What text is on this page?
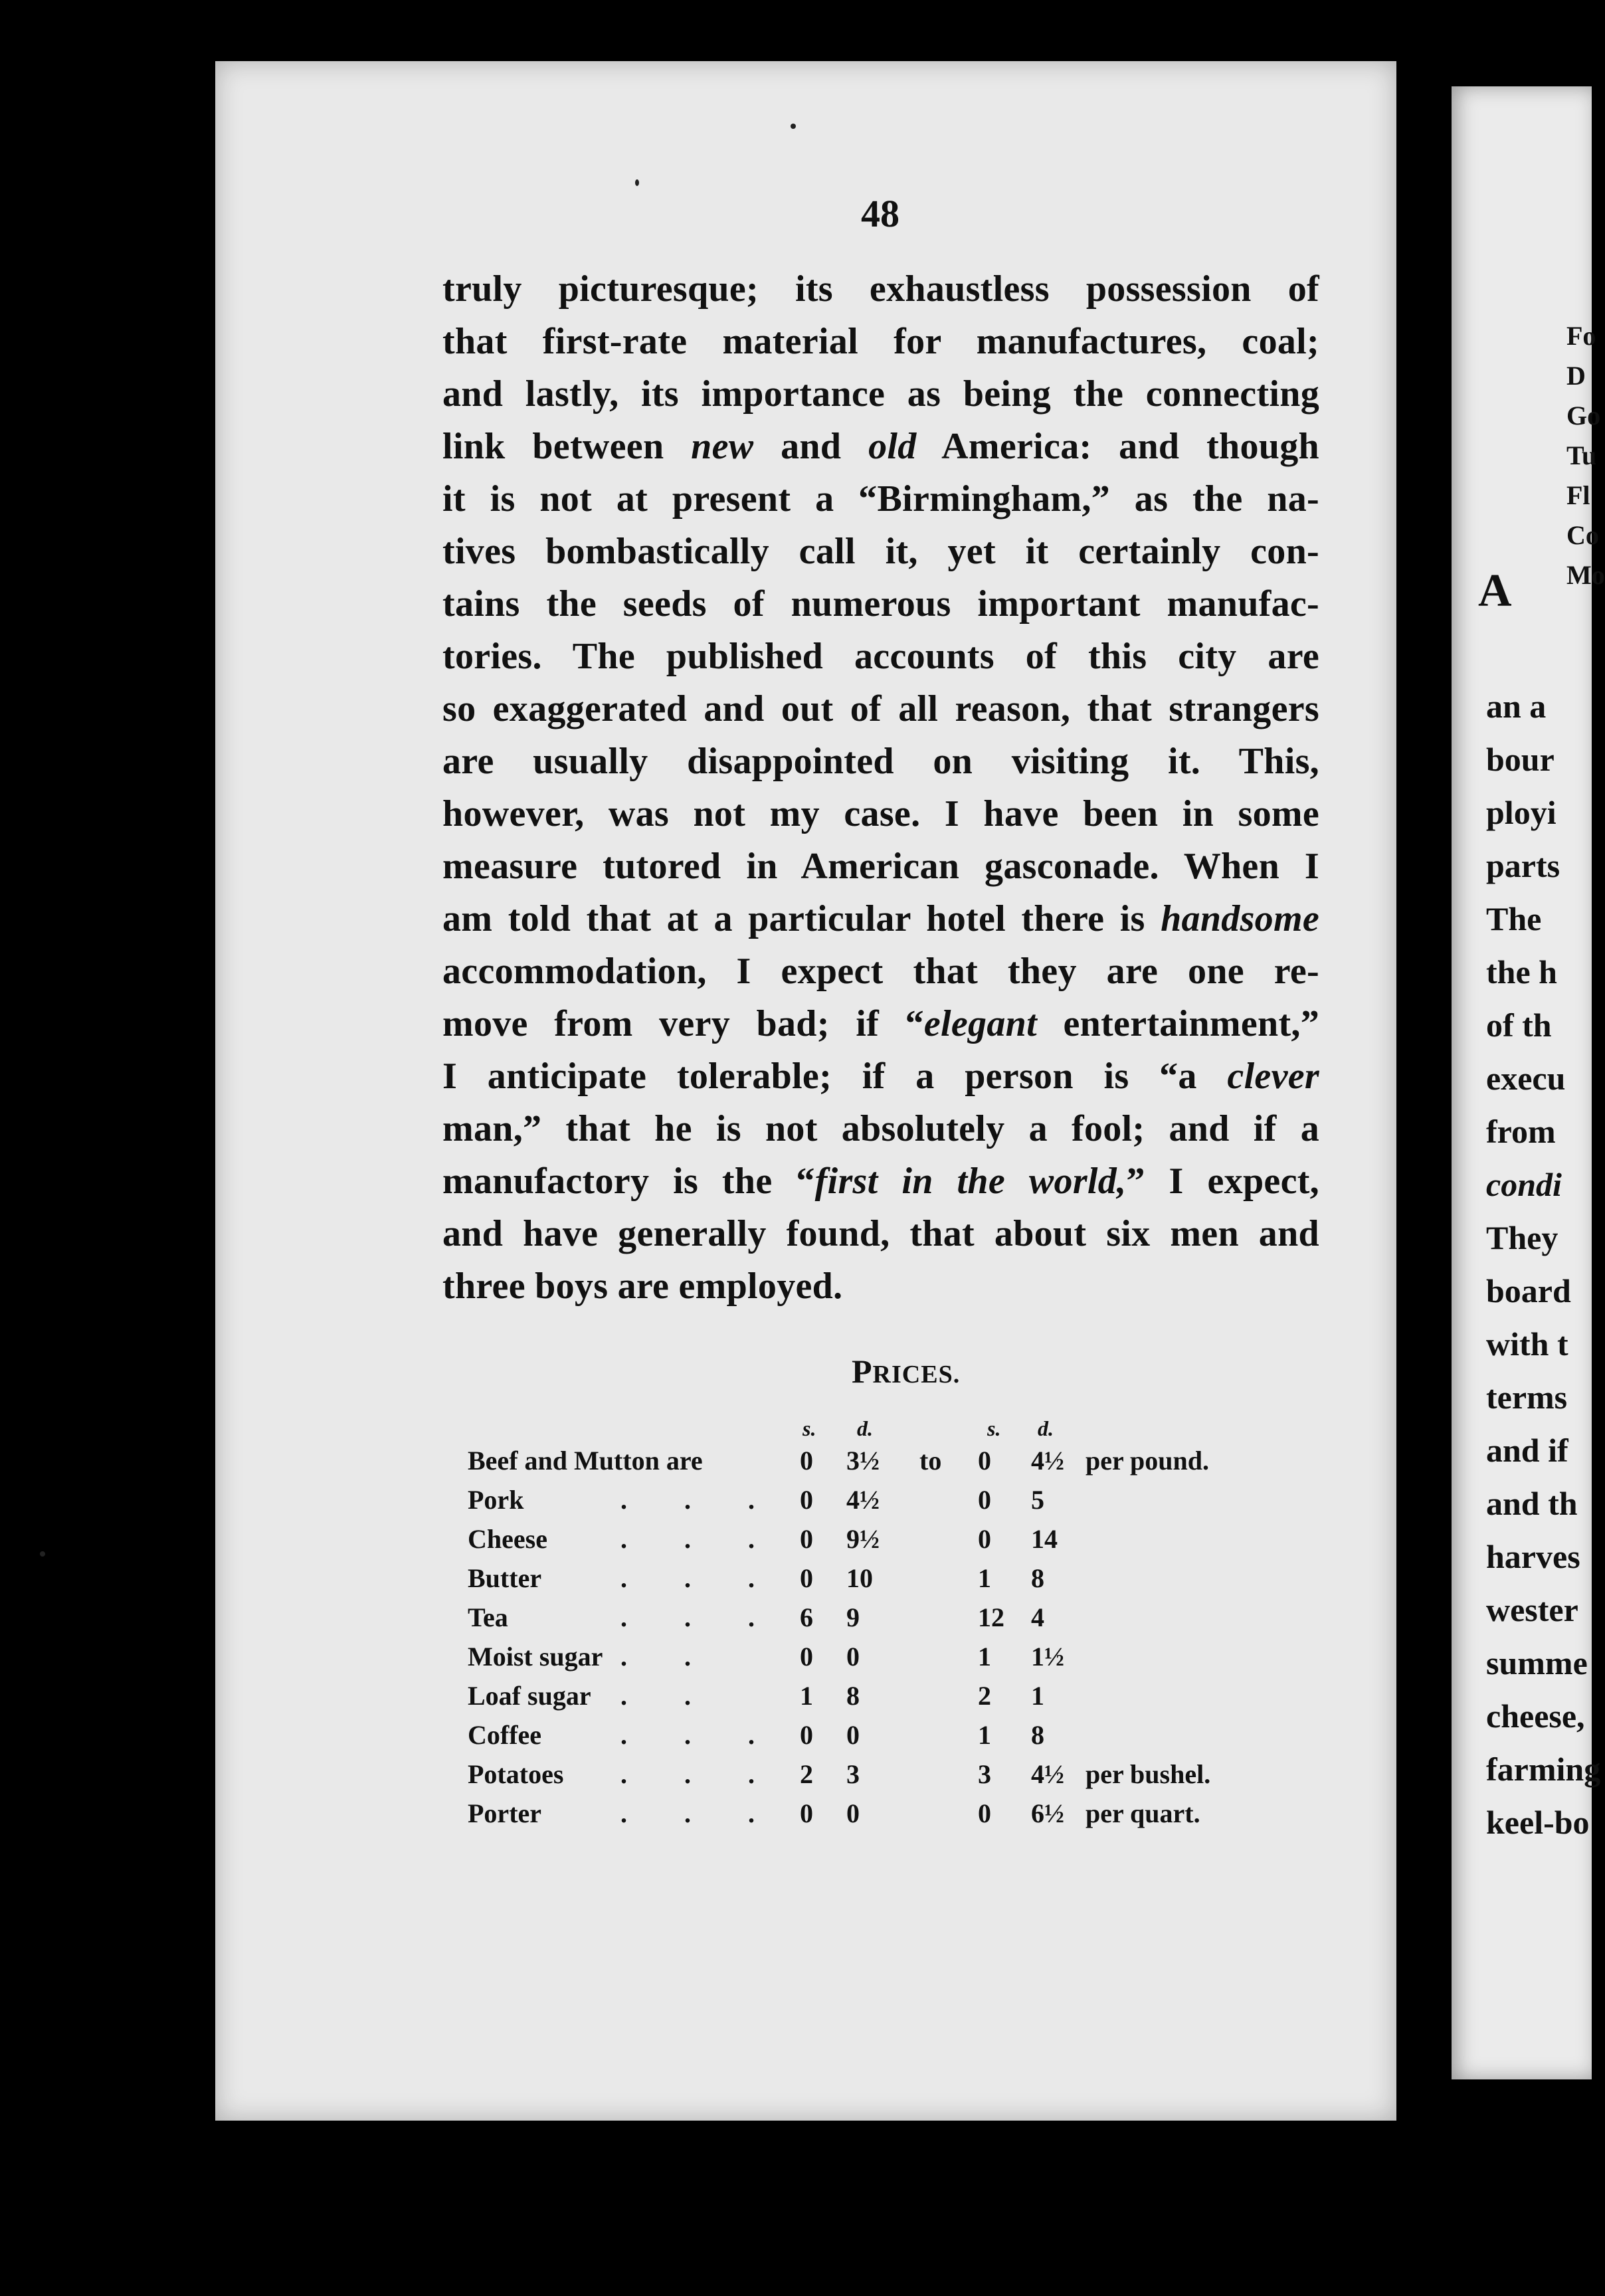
A
an a
bour
ployi
parts
The
the h
of th
execu
from
condi
They
board
with t
terms
and if
and th
harves
wester
summe
cheese,
farming
keel-bo
48
truly picturesque; its exhaustless possession of
that first-rate material for manufactures, coal;
and lastly, its importance as being the connecting
link between new and old America: and though
it is not at present a “Birmingham,” as the na-
tives bombastically call it, yet it certainly con-
tains the seeds of numerous important manufac-
tories. The published accounts of this city are
so exaggerated and out of all reason, that strangers
are usually disappointed on visiting it. This,
however, was not my case. I have been in some
measure tutored in American gasconade. When I
am told that at a particular hotel there is handsome
accommodation, I expect that they are one re-
move from very bad; if “elegant entertainment,”
I anticipate tolerable; if a person is “a clever
man,” that he is not absolutely a fool; and if a
manufactory is the “first in the world,” I expect,
and have generally found, that about six men and
three boys are employed.
PRICES.
s. d.	s. d.
Beef and Mutton are	0 3½ to 0 4½ per pound.
Pork	. . . 0 4½	0 5
Cheese	. . . 0 9½	0 14
Butter	. . . 0 10	1 8
Tea	. . . 6 9	12 4
Moist sugar . .	0 0	1 1½
Loaf sugar . .	1 8	2 1
Coffee	. . . 0 0	1 8
Potatoes . . . 2 3	3 4½ per bushel.
Porter	. . . 0 0	0 6½ per quart.
Fo
D
Go
Tu
Fl
Co
Mo
